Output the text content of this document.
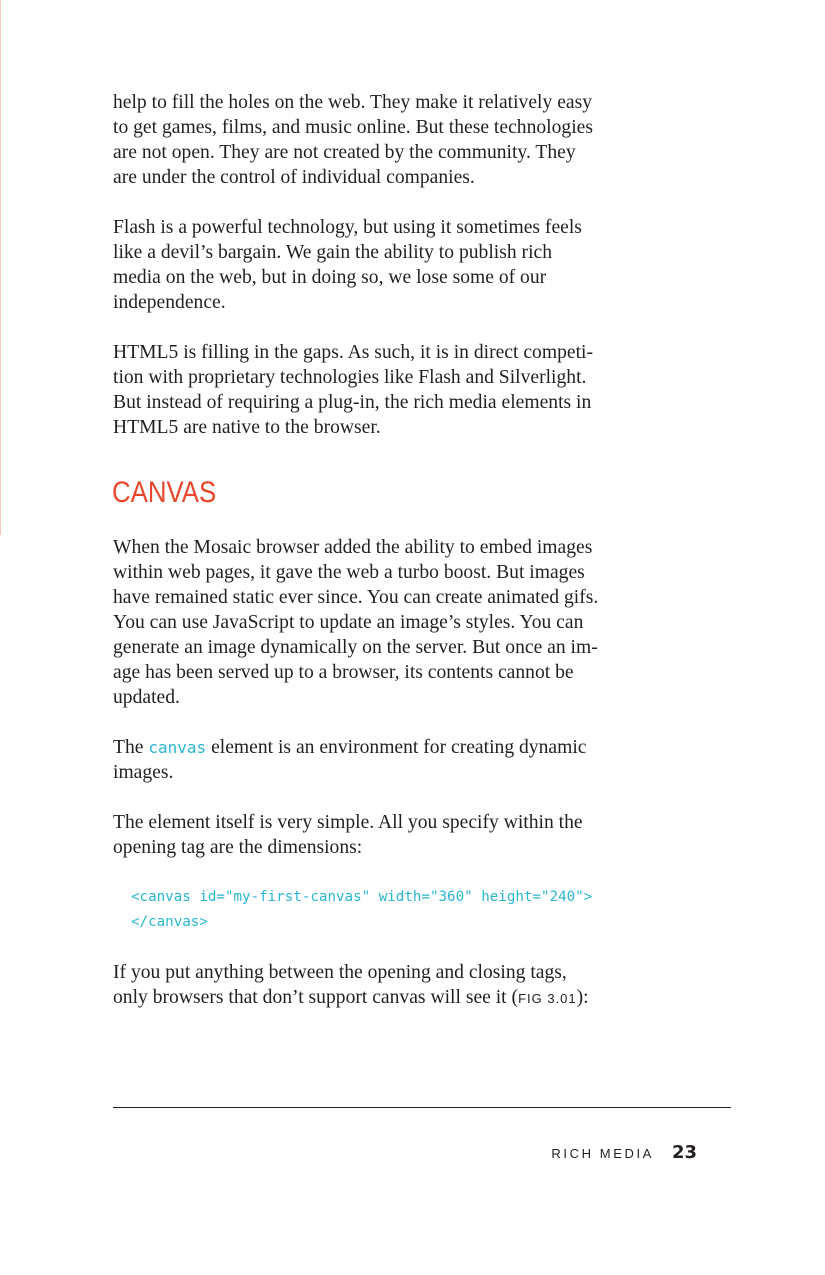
help to fill the holes on the web. They make it relatively easy
to get games, films, and music online. But these technologies
are not open. They are not created by the community. They
are under the control of individual companies.

Flash is a powerful technology, but using it sometimes feels
like a devil’s bargain. We gain the ability to publish rich
media on the web, but in doing so, we lose some of our
independence.

HTML5 is filling in the gaps. As such, it is in direct competi-
tion with proprietary technologies like Flash and Silverlight.
But instead of requiring a plug-in, the rich media elements in
HTML5 are native to the browser.

CANVAS

When the Mosaic browser added the ability to embed images
within web pages, it gave the web a turbo boost. But images
have remained static ever since. You can create animated gifs.
You can use JavaScript to update an image’s styles. You can
generate an image dynamically on the server. But once an im-
age has been served up to a browser, its contents cannot be
updated.

The canvas element is an environment for creating dynamic
images.

The element itself is very simple. All you specify within the
opening tag are the dimensions:

<canvas id="my-first-canvas" width="360" height="240">
</canvas>

If you put anything between the opening and closing tags,
only browsers that don’t support canvas will see it (FIG 3.01):

RICH MEDIA 23
